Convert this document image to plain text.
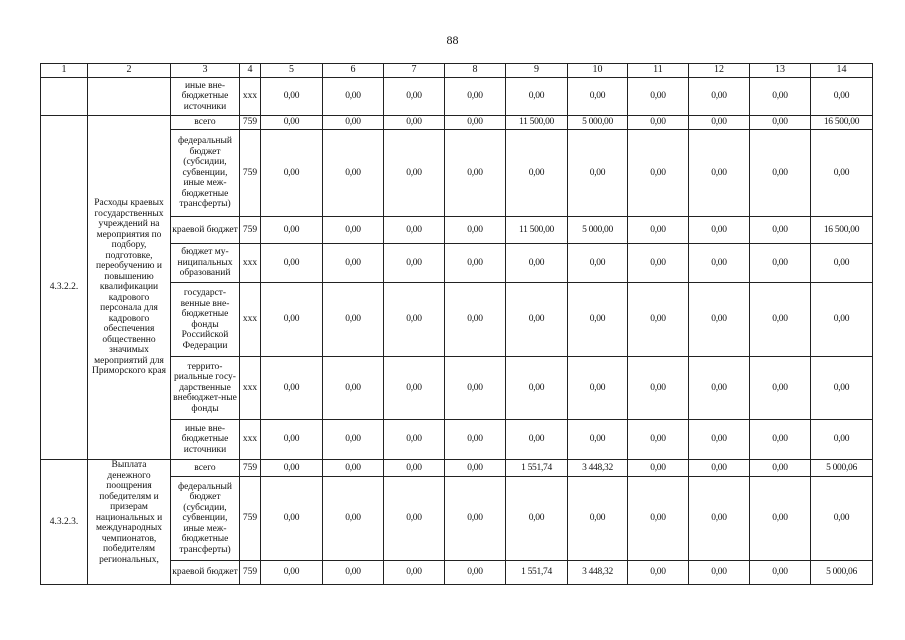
88
1	2	3	4	5	6	7	8	9	10	11	12	13	14
		иные вне-бюджетные источники	ххх	0,00	0,00	0,00	0,00	0,00	0,00	0,00	0,00	0,00	0,00
4.3.2.2.	Расходы краевых государственных учреждений на мероприятия по подбору, подготовке, переобучению и повышению квалификации кадрового персонала для кадрового обеспечения общественно значимых мероприятий для Приморского края	всего	759	0,00	0,00	0,00	0,00	11 500,00	5 000,00	0,00	0,00	0,00	16 500,00
		федеральный бюджет (субсидии, субвенции, иные меж-бюджетные трансферты)	759	0,00	0,00	0,00	0,00	0,00	0,00	0,00	0,00	0,00	0,00
		краевой бюджет	759	0,00	0,00	0,00	0,00	11 500,00	5 000,00	0,00	0,00	0,00	16 500,00
		бюджет му-ниципальных образований	ххх	0,00	0,00	0,00	0,00	0,00	0,00	0,00	0,00	0,00	0,00
		государст-венные вне-бюджетные фонды Российской Федерации	ххх	0,00	0,00	0,00	0,00	0,00	0,00	0,00	0,00	0,00	0,00
		террито-риальные госу-дарственные внебюджет-ные фонды	ххх	0,00	0,00	0,00	0,00	0,00	0,00	0,00	0,00	0,00	0,00
		иные вне-бюджетные источники	ххх	0,00	0,00	0,00	0,00	0,00	0,00	0,00	0,00	0,00	0,00
4.3.2.3.	Выплата денежного поощрения победителям и призерам национальных и международных чемпионатов, победителям региональных,	всего	759	0,00	0,00	0,00	0,00	1 551,74	3 448,32	0,00	0,00	0,00	5 000,06
		федеральный бюджет (субсидии, субвенции, иные меж-бюджетные трансферты)	759	0,00	0,00	0,00	0,00	0,00	0,00	0,00	0,00	0,00	0,00
		краевой бюджет	759	0,00	0,00	0,00	0,00	1 551,74	3 448,32	0,00	0,00	0,00	5 000,06
